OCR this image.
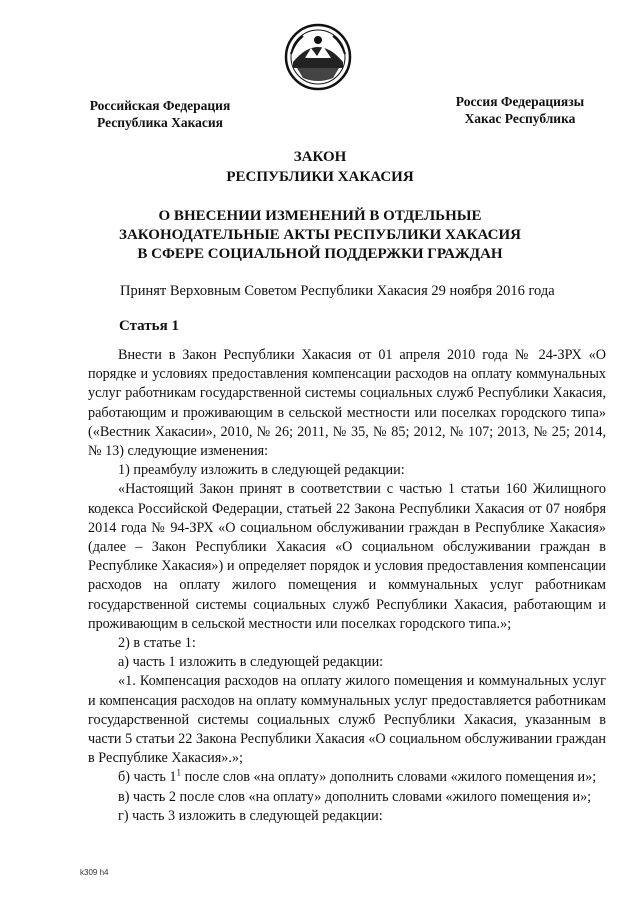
Российская Федерация
Республика Хакасия
Россия Федерациязы
Хакас Республика
ЗАКОН
РЕСПУБЛИКИ ХАКАСИЯ
О ВНЕСЕНИИ ИЗМЕНЕНИЙ В ОТДЕЛЬНЫЕ
ЗАКОНОДАТЕЛЬНЫЕ АКТЫ РЕСПУБЛИКИ ХАКАСИЯ
В СФЕРЕ СОЦИАЛЬНОЙ ПОДДЕРЖКИ ГРАЖДАН
Принят Верховным Советом Республики Хакасия 29 ноября 2016 года
Статья 1

Внести в Закон Республики Хакасия от 01 апреля 2010 года № 24-ЗРХ «О порядке и условиях предоставления компенсации расходов на оплату коммунальных услуг работникам государственной системы социальных служб Республики Хакасия, работающим и проживающим в сельской местности или поселках городского типа» («Вестник Хакасии», 2010, № 26; 2011, № 35, № 85; 2012, № 107; 2013, № 25; 2014, № 13) следующие изменения:

1) преамбулу изложить в следующей редакции:

«Настоящий Закон принят в соответствии с частью 1 статьи 160 Жилищного кодекса Российской Федерации, статьей 22 Закона Республики Хакасия от 07 ноября 2014 года № 94-ЗРХ «О социальном обслуживании граждан в Республике Хакасия» (далее – Закон Республики Хакасия «О социальном обслуживании граждан в Республике Хакасия») и определяет порядок и условия предоставления компенсации расходов на оплату жилого помещения и коммунальных услуг работникам государственной системы социальных служб Республики Хакасия, работающим и проживающим в сельской местности или поселках городского типа.»;

2) в статье 1:

а) часть 1 изложить в следующей редакции:

«1. Компенсация расходов на оплату жилого помещения и коммунальных услуг и компенсация расходов на оплату коммунальных услуг предоставляется работникам государственной системы социальных служб Республики Хакасия, указанным в части 5 статьи 22 Закона Республики Хакасия «О социальном обслуживании граждан в Республике Хакасия».»;

б) часть $1^1$ после слов «на оплату» дополнить словами «жилого помещения и»;

в) часть 2 после слов «на оплату» дополнить словами «жилого помещения и»;

г) часть 3 изложить в следующей редакции:

k309 h4
